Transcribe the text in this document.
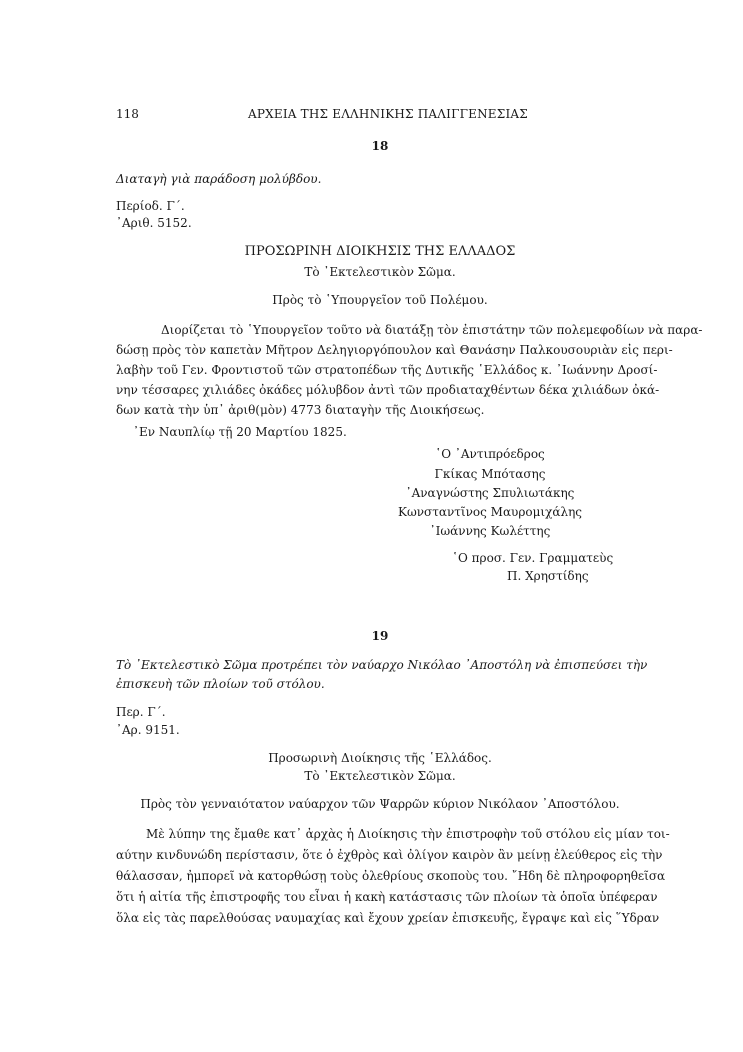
118	ΑΡΧΕΙΑ ΤΗΣ ΕΛΛΗΝΙΚΗΣ ΠΑΛΙΓΓΕΝΕΣΙΑΣ
18
Διαταγὴ γιὰ παράδοση μολύβδου.
Περίοδ. Γ΄.
᾿Αριθ. 5152.
ΠΡΟΣΩΡΙΝΗ ΔΙΟΙΚΗΣΙΣ ΤΗΣ ΕΛΛΑΔΟΣ
Τὸ ᾿Εκτελεστικὸν Σῶμα.
Πρὸς τὸ ῾Υπουργεῖον τοῦ Πολέμου.
Διορίζεται τὸ ῾Υπουργεῖον τοῦτο νὰ διατάξῃ τὸν ἐπιστάτην τῶν πολεμεφοδίων νὰ παρα-
δώσῃ πρὸς τὸν καπετὰν Μῆτρον Δεληγιοργόπουλον καὶ Θανάσην Παλκουσουριὰν εἰς περι-
λαβὴν τοῦ Γεν. Φροντιστοῦ τῶν στρατοπέδων τῆς Δυτικῆς ῾Ελλάδος κ. ᾿Ιωάννην Δροσί-
νην τέσσαρες χιλιάδες ὀκάδες μόλυβδον ἀντὶ τῶν προδιαταχθέντων δέκα χιλιάδων ὀκά-
δων κατὰ τὴν ὑπ᾿ ἀριθ(μὸν) 4773 διαταγὴν τῆς Διοικήσεως.
᾿Εν Ναυπλίῳ τῇ 20 Μαρτίου 1825.
῾Ο ᾿Αντιπρόεδρος
Γκίκας Μπότασης
᾿Αναγνώστης Σπυλιωτάκης
Κωνσταντῖνος Μαυρομιχάλης
᾿Ιωάννης Κωλέττης
῾Ο προσ. Γεν. Γραμματεὺς
Π. Χρηστίδης
19
Τὸ ᾿Εκτελεστικὸ Σῶμα προτρέπει τὸν ναύαρχο Νικόλαο ᾿Αποστόλη νὰ ἐπισπεύσει τὴν
ἐπισκευὴ τῶν πλοίων τοῦ στόλου.
Περ. Γ΄.
᾿Αρ. 9151.
Προσωρινὴ Διοίκησις τῆς ῾Ελλάδος.
Τὸ ᾿Εκτελεστικὸν Σῶμα.
Πρὸς τὸν γενναιότατον ναύαρχον τῶν Ψαρρῶν κύριον Νικόλαον ᾿Αποστόλου.
Μὲ λύπην της ἔμαθε κατ᾿ ἀρχὰς ἡ Διοίκησις τὴν ἐπιστροφὴν τοῦ στόλου εἰς μίαν τοι-
αύτην κινδυνώδη περίστασιν, ὅτε ὁ ἐχθρὸς καὶ ὀλίγον καιρὸν ἂν μείνῃ ἐλεύθερος εἰς τὴν
θάλασσαν, ἠμπορεῖ νὰ κατορθώσῃ τοὺς ὀλεθρίους σκοποὺς του. ῎Ηδη δὲ πληροφορηθεῖσα
ὅτι ἡ αἰτία τῆς ἐπιστροφῆς του εἶναι ἡ κακὴ κατάστασις τῶν πλοίων τὰ ὁποῖα ὑπέφεραν
ὅλα εἰς τὰς παρελθούσας ναυμαχίας καὶ ἔχουν χρείαν ἐπισκευῆς, ἔγραψε καὶ εἰς ῞Υδραν
